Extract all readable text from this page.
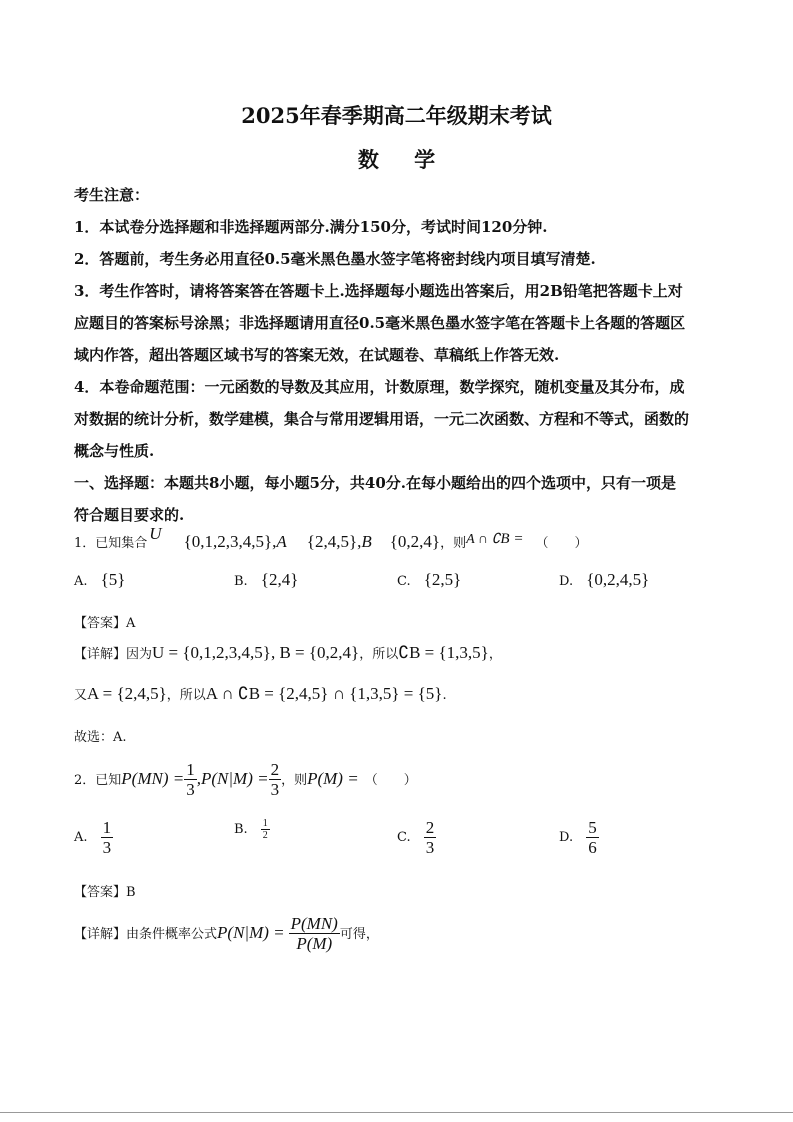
2025年春季期高二年级期末考试
数 学
考生注意：
1．本试卷分选择题和非选择题两部分.满分150分，考试时间120分钟.
2．答题前，考生务必用直径0.5毫米黑色墨水签字笔将密封线内项目填写清楚.
3．考生作答时，请将答案答在答题卡上.选择题每小题选出答案后，用2B铅笔把答题卡上对
应题目的答案标号涂黑；非选择题请用直径0.5毫米黑色墨水签字笔在答题卡上各题的答题区
域内作答，超出答题区域书写的答案无效，在试题卷、草稿纸上作答无效.
4．本卷命题范围：一元函数的导数及其应用，计数原理，数学探究，随机变量及其分布，成
对数据的统计分析，数学建模，集合与常用逻辑用语，一元二次函数、方程和不等式，函数的
概念与性质.
一、选择题：本题共8小题，每小题5分，共40分.在每小题给出的四个选项中，只有一项是
符合题目要求的.
1．已知集合U {0,1,2,3,4,5},A {2,4,5},B {0,2,4}，则A ∩ ∁B = （　　）
A. {5}	B. {2,4}	C. {2,5}	D. {0,2,4,5}
【答案】A
【详解】因为U = {0,1,2,3,4,5}, B = {0,2,4}，所以∁B = {1,3,5}，
又A = {2,4,5}，所以A ∩ ∁B = {2,4,5} ∩ {1,3,5} = {5}.
故选：A.
2．已知$P(MN) = \frac{1}{3} ,P(N|M) = \frac{2}{3}$ ，则P(M) = （　　）
A. $\frac{1}{3}$	B. $\frac{1}{2}$	C. $\frac{2}{3}$	D. $\frac{5}{6}$
【答案】B
【详解】由条件概率公式$P(N|M) = \frac{P(MN)}{P(M)}$ 可得，
